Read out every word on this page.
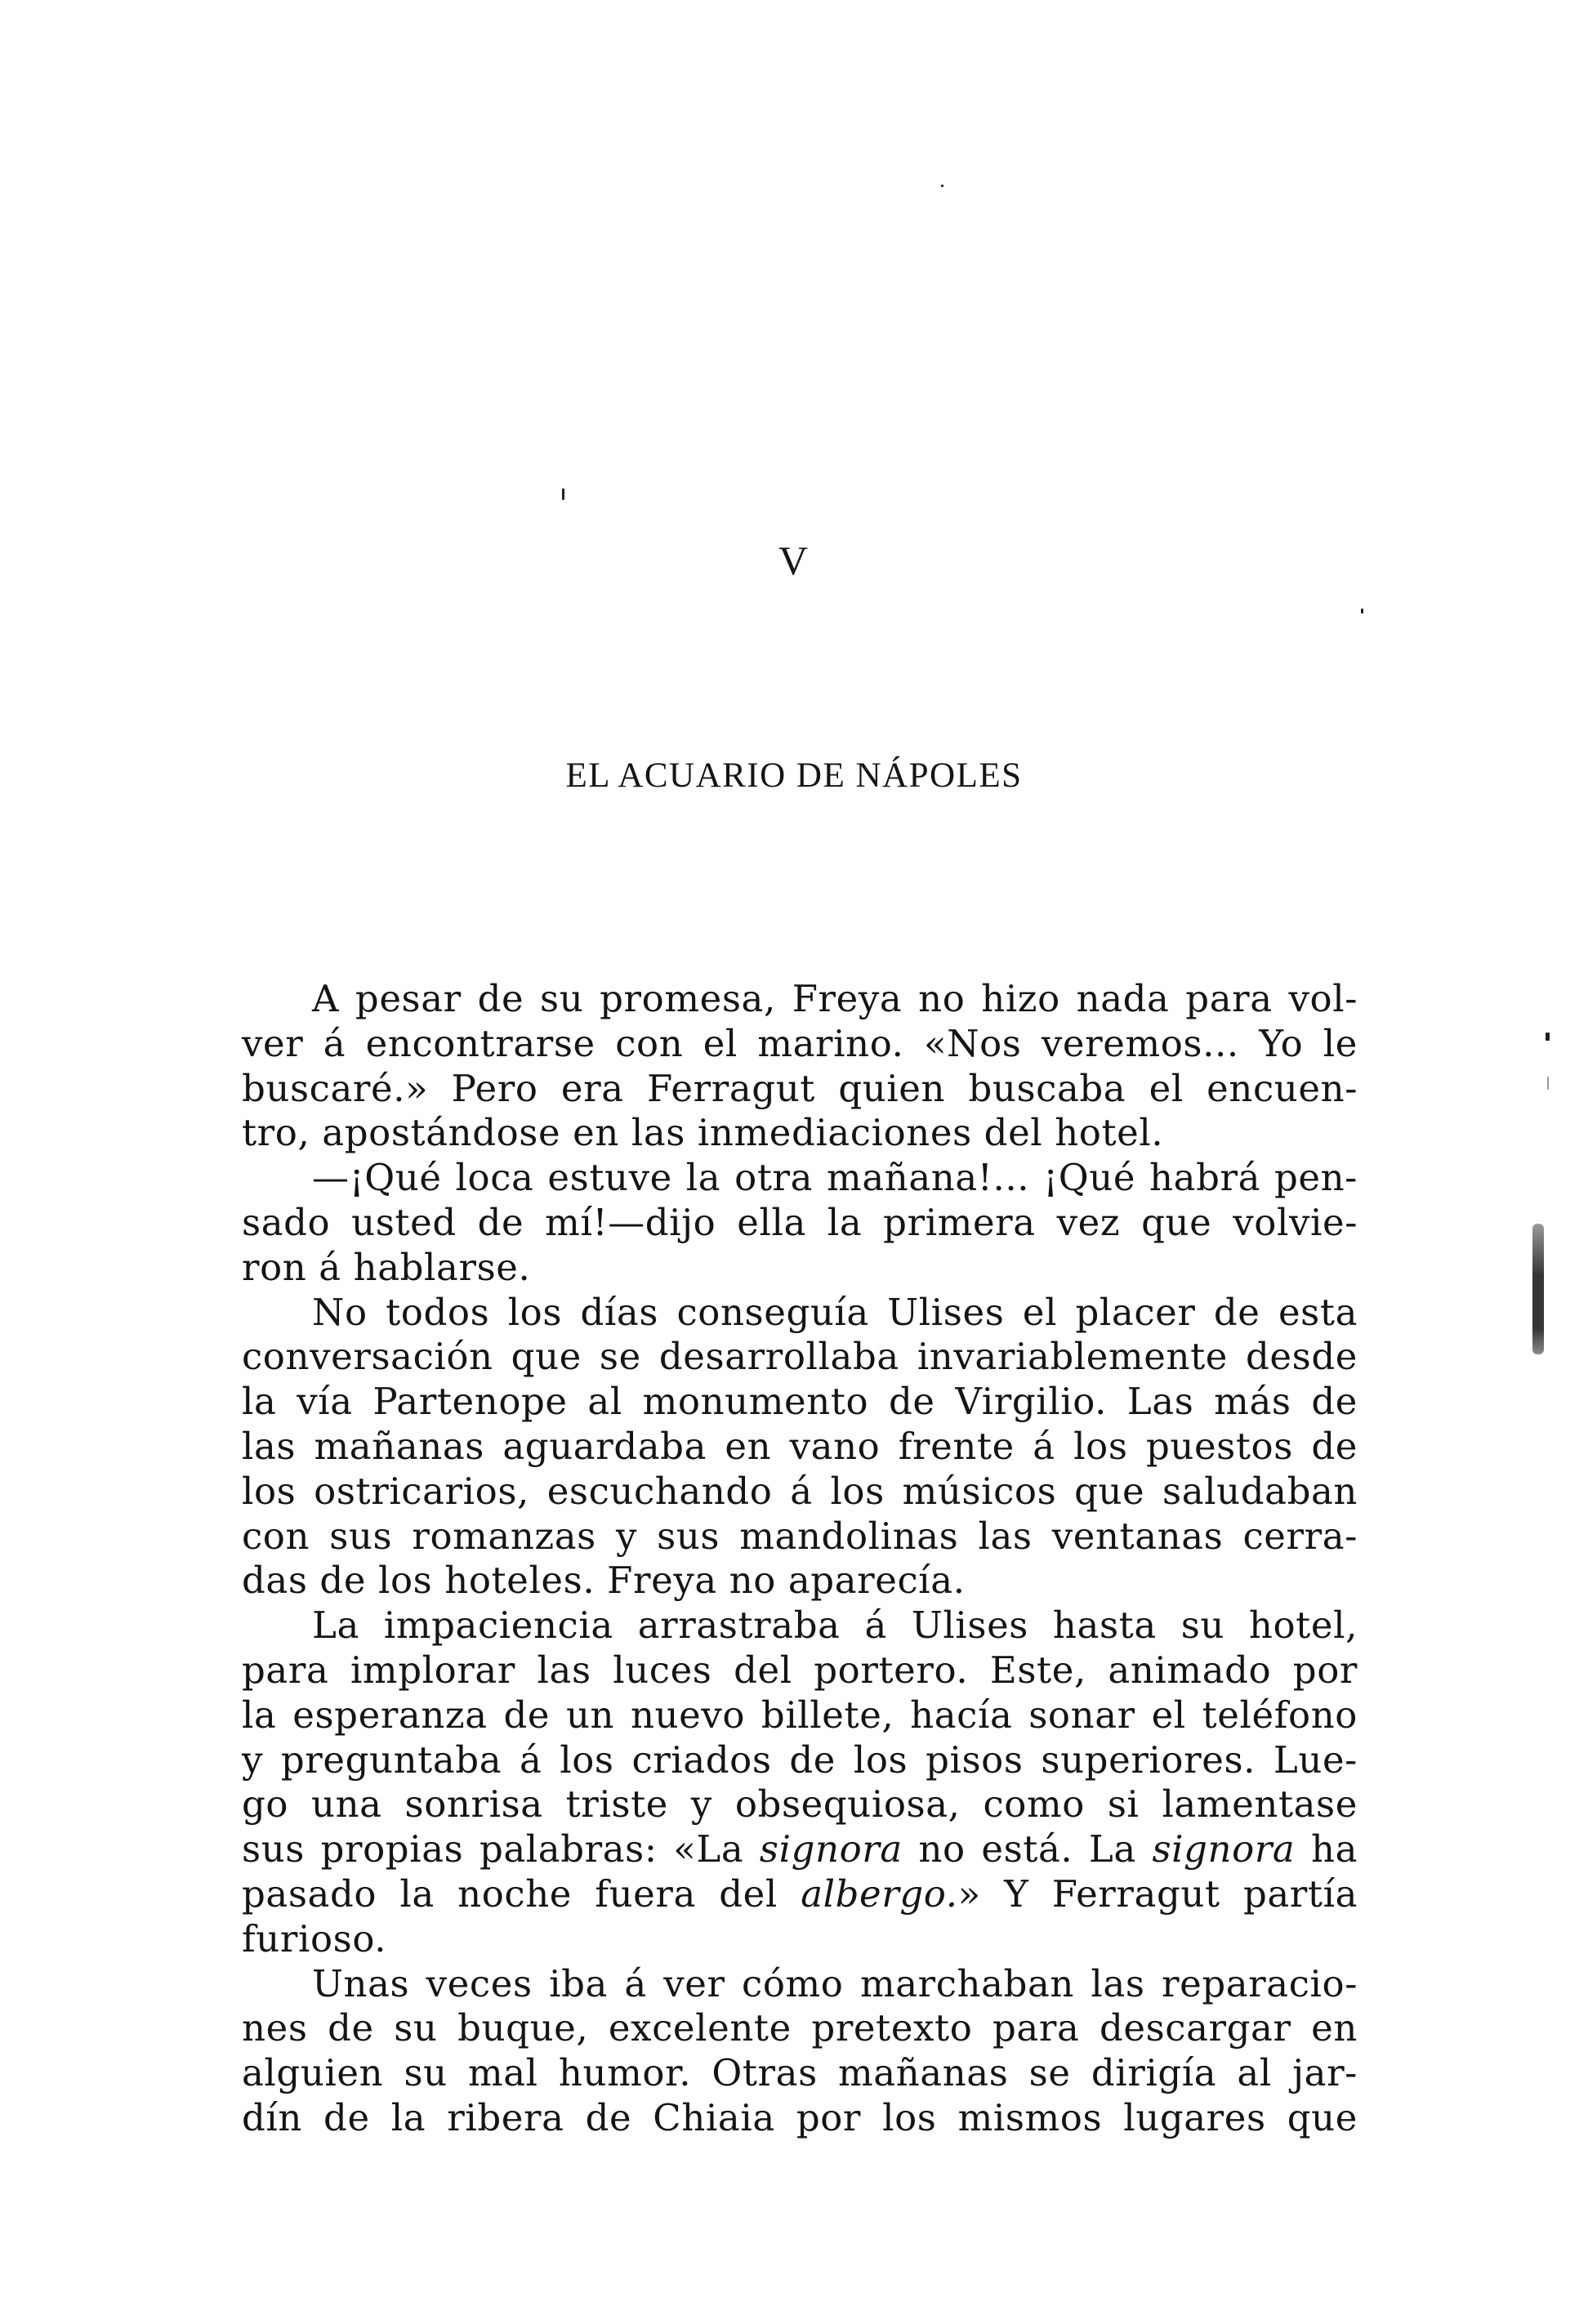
V
EL ACUARIO DE NÁPOLES
A pesar de su promesa, Freya no hizo nada para vol-
ver á encontrarse con el marino. «Nos veremos... Yo le
buscaré.» Pero era Ferragut quien buscaba el encuen-
tro, apostándose en las inmediaciones del hotel.
—¡Qué loca estuve la otra mañana!... ¡Qué habrá pen-
sado usted de mí!—dijo ella la primera vez que volvie-
ron á hablarse.
No todos los días conseguía Ulises el placer de esta
conversación que se desarrollaba invariablemente desde
la vía Partenope al monumento de Virgilio. Las más de
las mañanas aguardaba en vano frente á los puestos de
los ostricarios, escuchando á los músicos que saludaban
con sus romanzas y sus mandolinas las ventanas cerra-
das de los hoteles. Freya no aparecía.
La impaciencia arrastraba á Ulises hasta su hotel,
para implorar las luces del portero. Este, animado por
la esperanza de un nuevo billete, hacía sonar el teléfono
y preguntaba á los criados de los pisos superiores. Lue-
go una sonrisa triste y obsequiosa, como si lamentase
sus propias palabras: «La signora no está. La signora ha
pasado la noche fuera del albergo.» Y Ferragut partía
furioso.
Unas veces iba á ver cómo marchaban las reparacio-
nes de su buque, excelente pretexto para descargar en
alguien su mal humor. Otras mañanas se dirigía al jar-
dín de la ribera de Chiaia por los mismos lugares que
